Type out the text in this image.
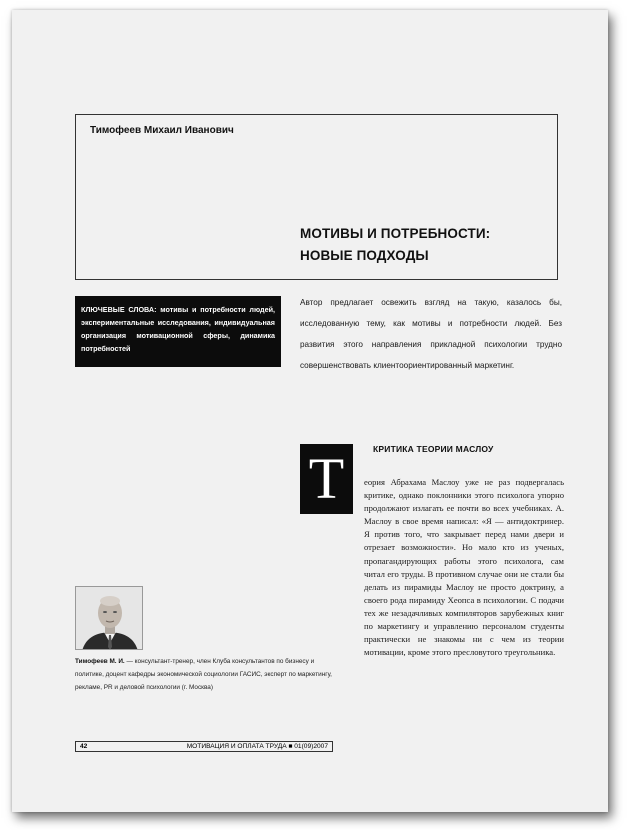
Тимофеев Михаил Иванович
МОТИВЫ И ПОТРЕБНОСТИ:
НОВЫЕ ПОДХОДЫ
КЛЮЧЕВЫЕ СЛОВА: мотивы и потребности людей, экспериментальные исследования, индивидуальная организация мотивационной сферы, динамика потребностей
Автор предлагает освежить взгляд на такую, казалось бы, исследованную тему, как мотивы и потребности людей. Без развития этого направления прикладной психологии трудно совершенствовать клиентоориентированный маркетинг.
Т	КРИТИКА ТЕОРИИ МАСЛОУ
еория Абрахама Маслоу уже не раз подвергалась критике, однако поклонники этого психолога упорно продолжают излагать ее почти во всех учебниках. А. Маслоу в свое время написал: «Я — антидоктринер. Я против того, что закрывает перед нами двери и отрезает возможности». Но мало кто из ученых, пропагандирующих работы этого психолога, сам читал его труды. В противном случае они не стали бы делать из пирамиды Маслоу не просто доктрину, а своего рода пирамиду Хеопса в психологии. С подачи тех же незадачливых компиляторов зарубежных книг по маркетингу и управлению персоналом студенты практически не знакомы ни с чем из теории мотивации, кроме этого пресловутого треугольника.
Тимофеев М. И. — консультант-тренер, член Клуба консультантов по бизнесу и политике, доцент кафедры экономической социологии ГАСИС, эксперт по маркетингу, рекламе, PR и деловой психологии (г. Москва)
42	МОТИВАЦИЯ И ОПЛАТА ТРУДА ■ 01(09)2007
